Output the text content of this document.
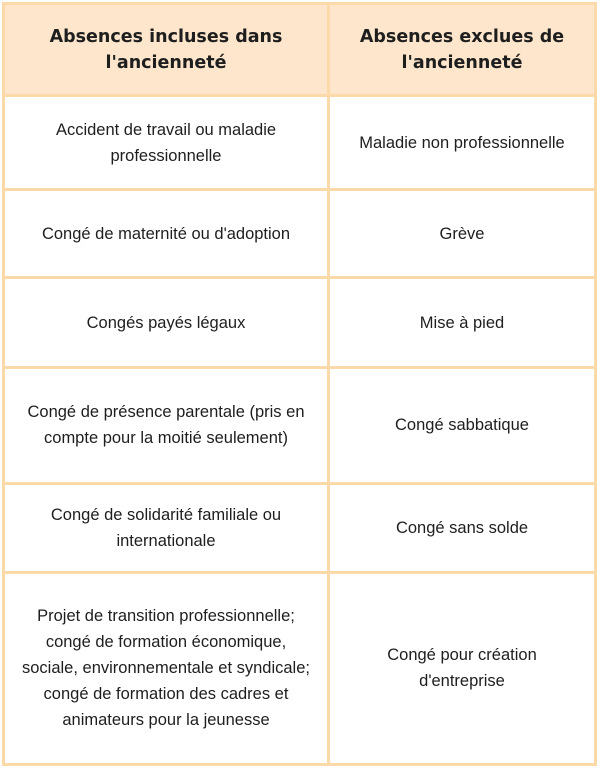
Absences incluses dans l'ancienneté	Absences exclues de l'ancienneté
Accident de travail ou maladie professionnelle	Maladie non professionnelle
Congé de maternité ou d'adoption	Grève
Congés payés légaux	Mise à pied
Congé de présence parentale (pris en compte pour la moitié seulement)	Congé sabbatique
Congé de solidarité familiale ou internationale	Congé sans solde
Projet de transition professionnelle; congé de formation économique, sociale, environnementale et syndicale; congé de formation des cadres et animateurs pour la jeunesse	Congé pour création d'entreprise
